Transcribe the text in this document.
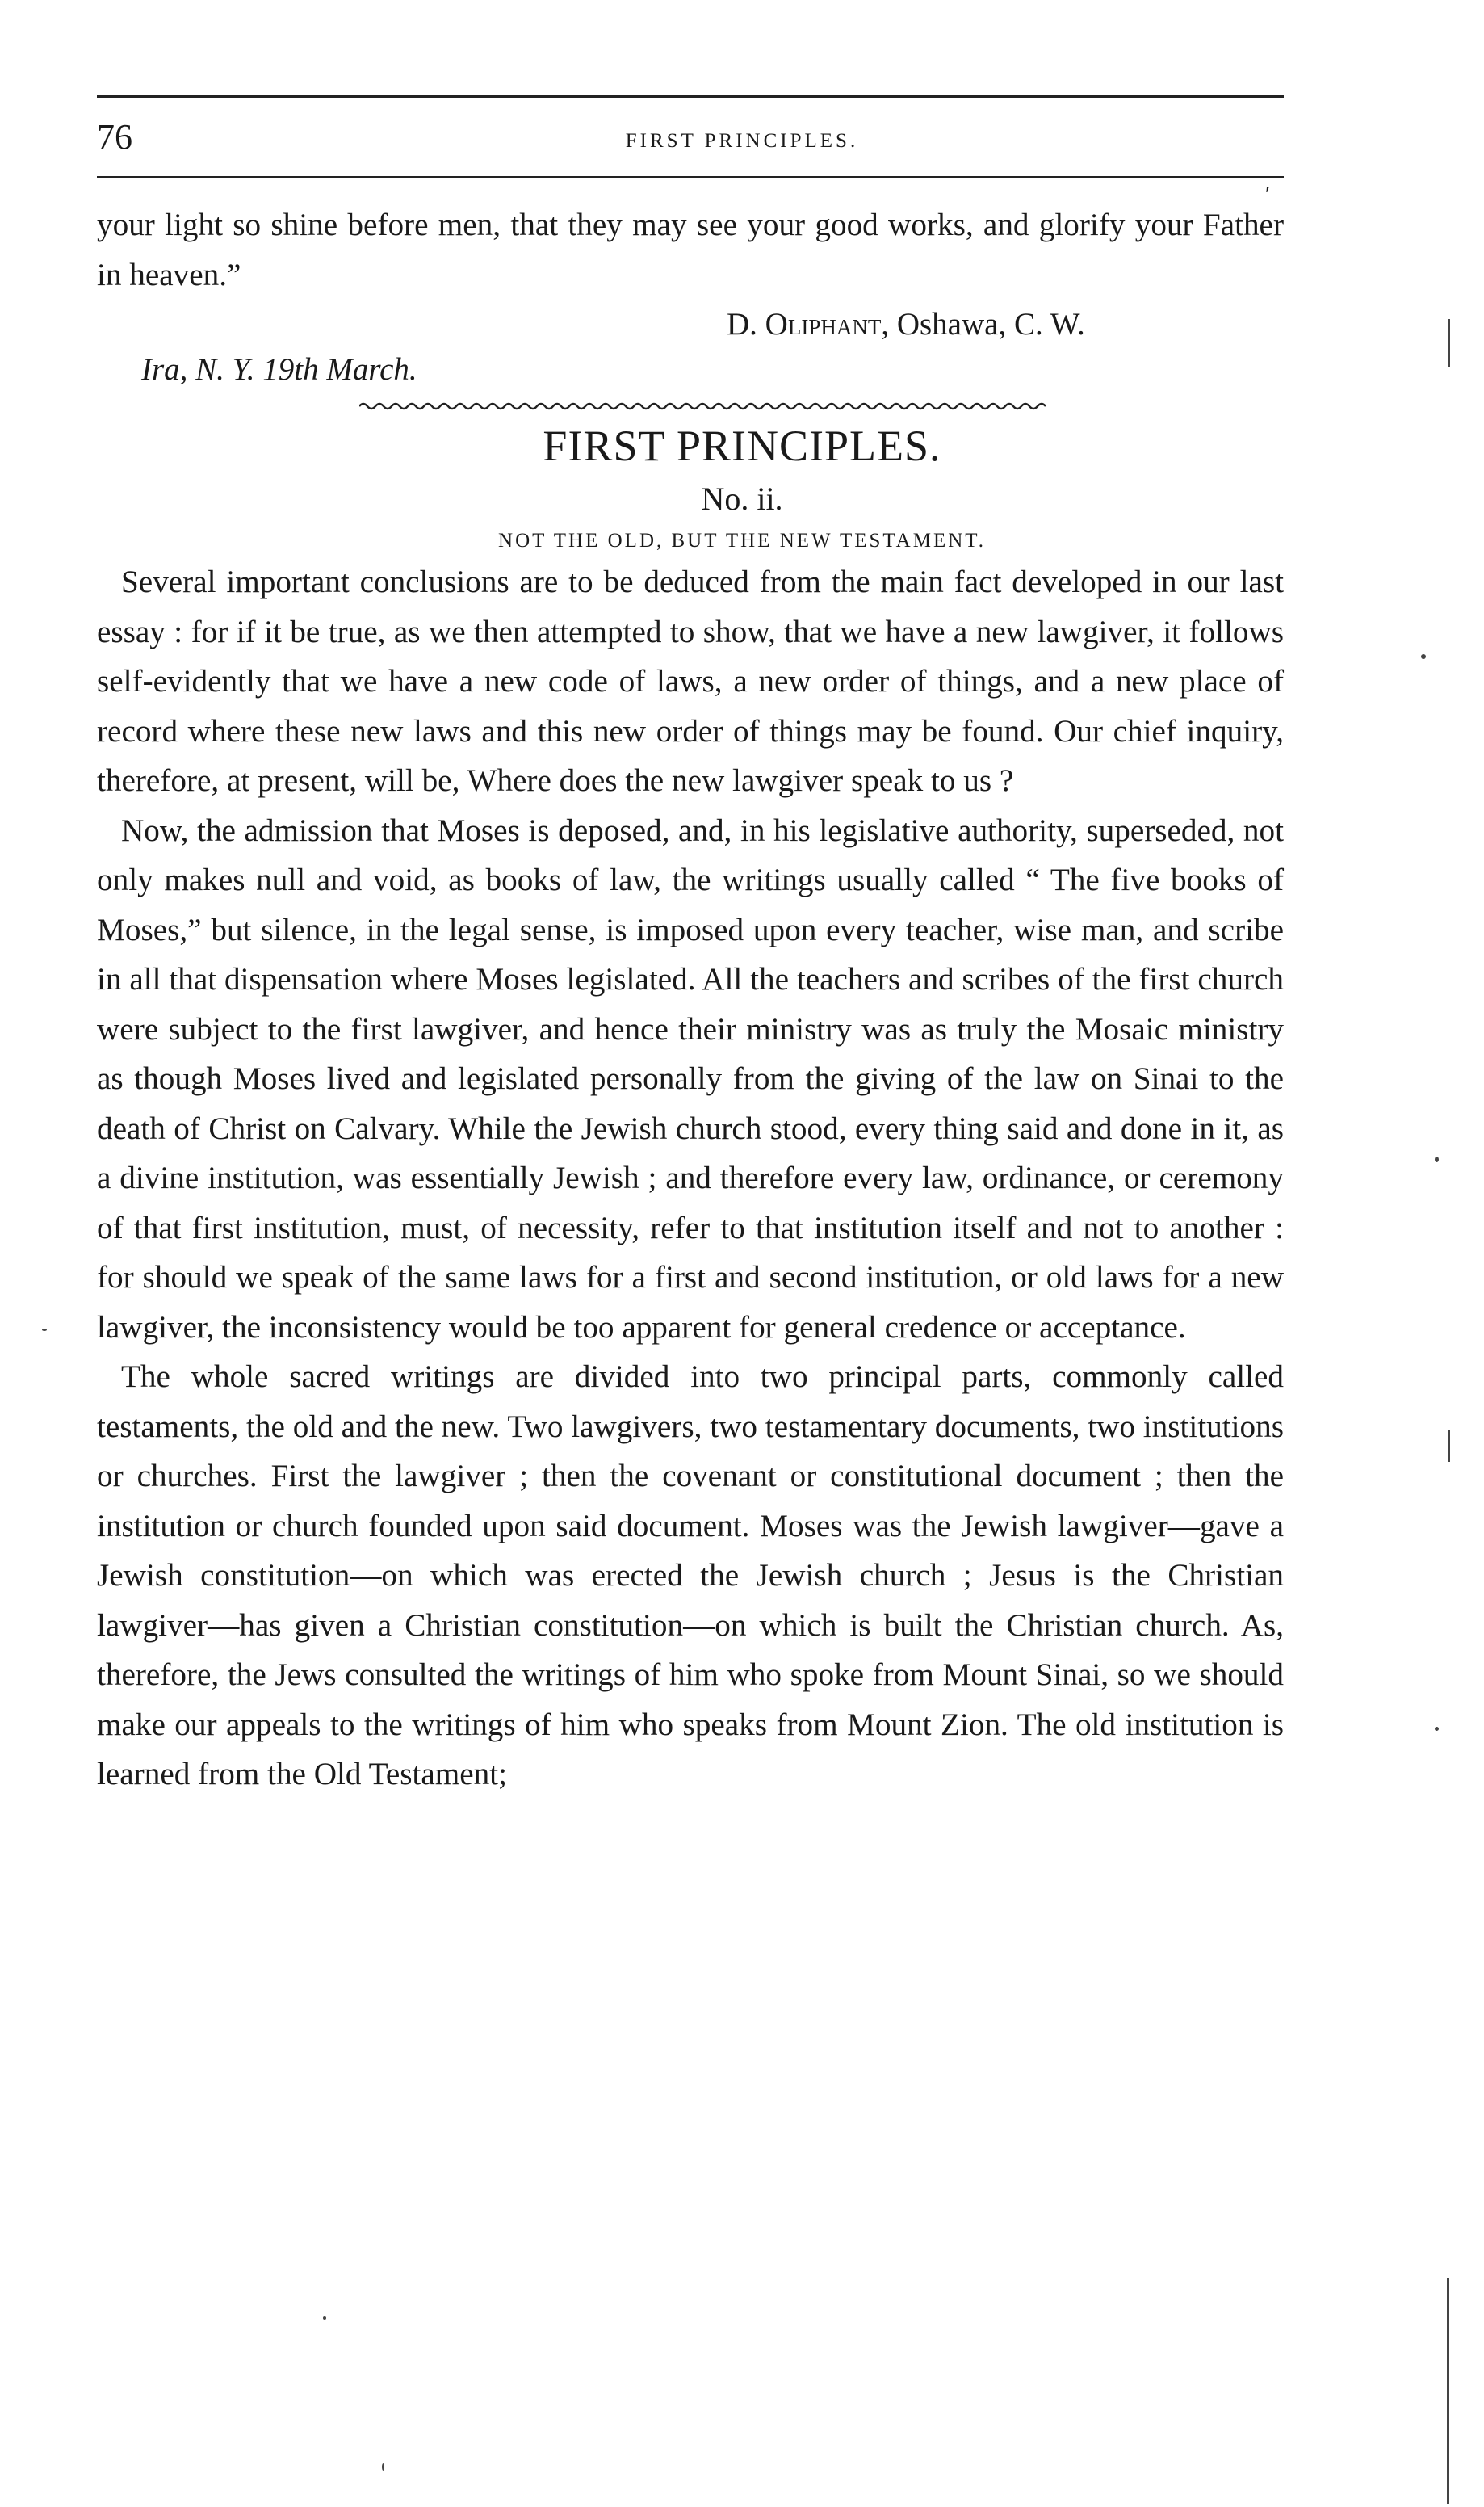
76	FIRST PRINCIPLES.
ʹ

your light so shine before men, that they may see your good works, and glorify your Father in heaven.”

D. Oliphant, Oshawa, C. W.
Ira, N. Y. 19th March.
FIRST PRINCIPLES.
No. ii.
NOT THE OLD, BUT THE NEW TESTAMENT.

Several important conclusions are to be deduced from the main fact developed in our last essay : for if it be true, as we then attempted to show, that we have a new lawgiver, it follows self-evidently that we have a new code of laws, a new order of things, and a new place of record where these new laws and this new order of things may be found. Our chief inquiry, therefore, at present, will be, Where does the new lawgiver speak to us ?

Now, the admission that Moses is deposed, and, in his legislative authority, superseded, not only makes null and void, as books of law, the writings usually called “ The five books of Moses,” but silence, in the legal sense, is imposed upon every teacher, wise man, and scribe in all that dispensation where Moses legislated. All the teachers and scribes of the first church were subject to the first lawgiver, and hence their ministry was as truly the Mosaic ministry as though Moses lived and legislated personally from the giving of the law on Sinai to the death of Christ on Calvary. While the Jewish church stood, every thing said and done in it, as a divine institution, was essentially Jewish ; and therefore every law, ordinance, or ceremony of that first institution, must, of necessity, refer to that institution itself and not to another : for should we speak of the same laws for a first and second institution, or old laws for a new lawgiver, the inconsistency would be too apparent for general credence or acceptance.

The whole sacred writings are divided into two principal parts, commonly called testaments, the old and the new. Two lawgivers, two testamentary documents, two institutions or churches. First the lawgiver ; then the covenant or constitutional document ; then the institution or church founded upon said document. Moses was the Jewish lawgiver—gave a Jewish constitution—on which was erected the Jewish church ; Jesus is the Christian lawgiver—has given a Christian constitution—on which is built the Christian church. As, therefore, the Jews consulted the writings of him who spoke from Mount Sinai, so we should make our appeals to the writings of him who speaks from Mount Zion. The old institution is learned from the Old Testament;
